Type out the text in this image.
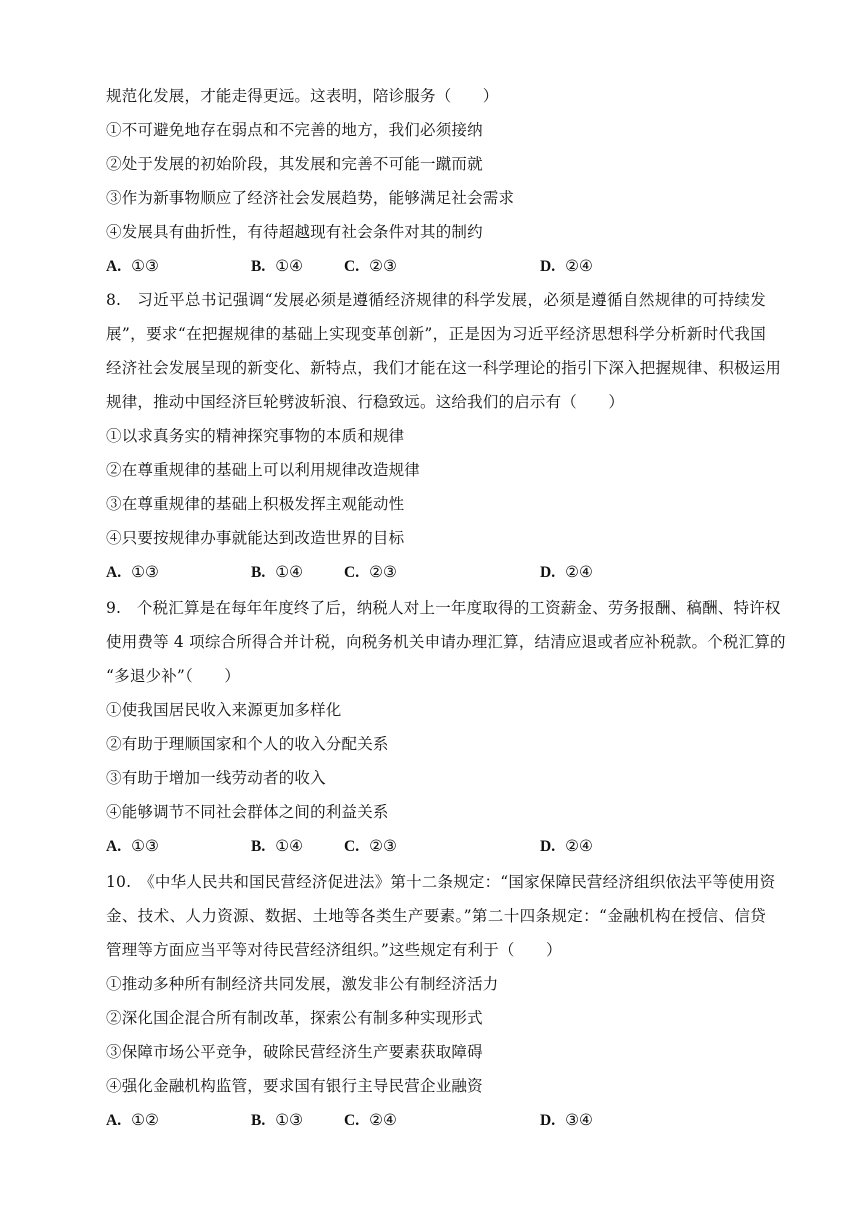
规范化发展，才能走得更远。这表明，陪诊服务（　　）
①不可避免地存在弱点和不完善的地方，我们必须接纳
②处于发展的初始阶段，其发展和完善不可能一蹴而就
③作为新事物顺应了经济社会发展趋势，能够满足社会需求
④发展具有曲折性，有待超越现有社会条件对其的制约
A. ①③	B. ①④	C. ②③	D. ②④
8.　习近平总书记强调“发展必须是遵循经济规律的科学发展，必须是遵循自然规律的可持续发
展”，要求“在把握规律的基础上实现变革创新”，正是因为习近平经济思想科学分析新时代我国
经济社会发展呈现的新变化、新特点，我们才能在这一科学理论的指引下深入把握规律、积极运用
规律，推动中国经济巨轮劈波斩浪、行稳致远。这给我们的启示有（　　）
①以求真务实的精神探究事物的本质和规律
②在尊重规律的基础上可以利用规律改造规律
③在尊重规律的基础上积极发挥主观能动性
④只要按规律办事就能达到改造世界的目标
A. ①③	B. ①④	C. ②③	D. ②④
9.　个税汇算是在每年年度终了后，纳税人对上一年度取得的工资薪金、劳务报酬、稿酬、特许权
使用费等 4 项综合所得合并计税，向税务机关申请办理汇算，结清应退或者应补税款。个税汇算的
“多退少补”（　　）
①使我国居民收入来源更加多样化
②有助于理顺国家和个人的收入分配关系
③有助于增加一线劳动者的收入
④能够调节不同社会群体之间的利益关系
A. ①③	B. ①④	C. ②③	D. ②④
10.　《中华人民共和国民营经济促进法》第十二条规定：“国家保障民营经济组织依法平等使用资
金、技术、人力资源、数据、土地等各类生产要素。”第二十四条规定：“金融机构在授信、信贷
管理等方面应当平等对待民营经济组织。”这些规定有利于（　　）
①推动多种所有制经济共同发展，激发非公有制经济活力
②深化国企混合所有制改革，探索公有制多种实现形式
③保障市场公平竞争，破除民营经济生产要素获取障碍
④强化金融机构监管，要求国有银行主导民营企业融资
A. ①②	B. ①③	C. ②④	D. ③④
